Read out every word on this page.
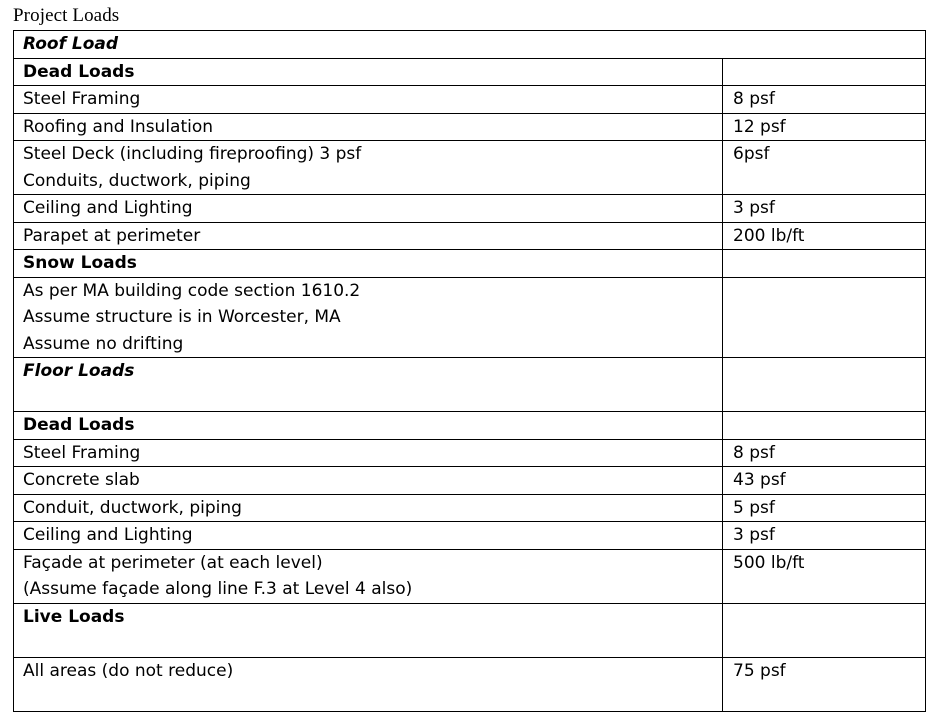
Project Loads
Roof Load	
Dead Loads	
Steel Framing	8 psf
Roofing and Insulation	12 psf

Steel Deck (including fireproofing) 3 psf
Conduits, ductwork, piping	6psf
Ceiling and Lighting	3 psf
Parapet at perimeter	200 lb/ft
Snow Loads	

As per MA building code section 1610.2
Assume structure is in Worcester, MA
Assume no drifting	

Floor Loads	
Dead Loads	
Steel Framing	8 psf
Concrete slab	43 psf
Conduit, ductwork, piping	5 psf
Ceiling and Lighting	3 psf

Façade at perimeter (at each level)
(Assume façade along line F.3 at Level 4 also)	500 lb/ft
Live Loads	
All areas (do not reduce)	75 psf
